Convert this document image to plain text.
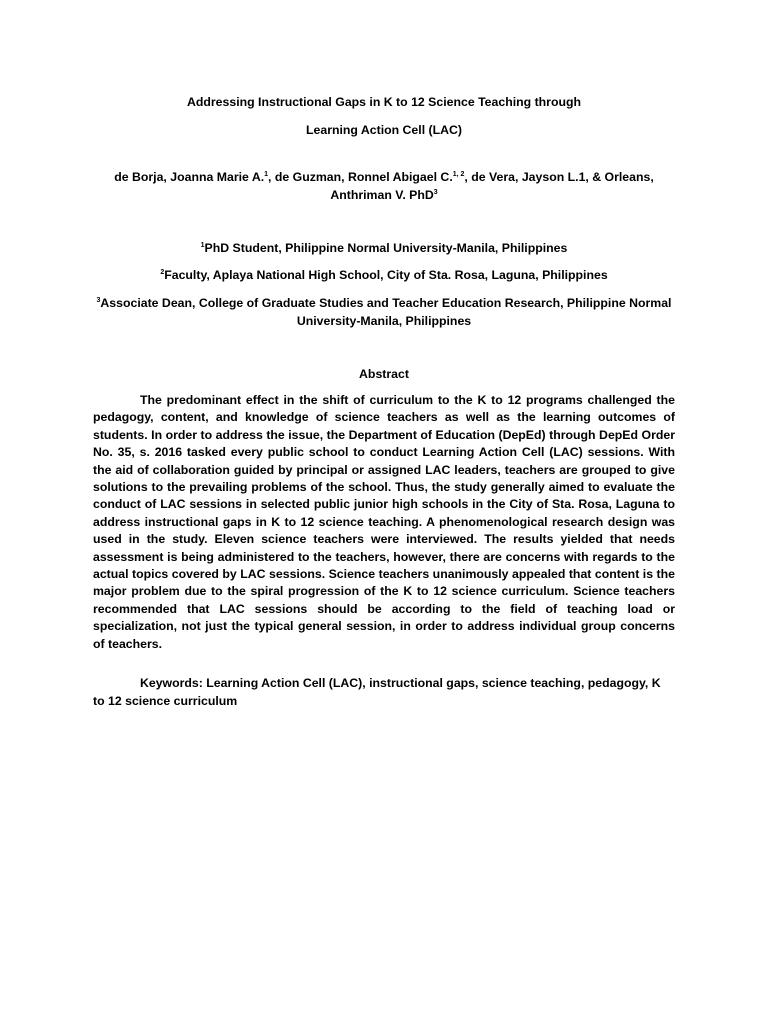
Addressing Instructional Gaps in K to 12 Science Teaching through
Learning Action Cell (LAC)

de Borja, Joanna Marie A.$^1$, de Guzman, Ronnel Abigael C.$^{1, 2}$, de Vera, Jayson L.1, & Orleans, Anthriman V. PhD$^3$

$^1$PhD Student, Philippine Normal University-Manila, Philippines

$^2$Faculty, Aplaya National High School, City of Sta. Rosa, Laguna, Philippines

$^3$Associate Dean, College of Graduate Studies and Teacher Education Research, Philippine Normal University-Manila, Philippines

Abstract

The predominant effect in the shift of curriculum to the K to 12 programs challenged the pedagogy, content, and knowledge of science teachers as well as the learning outcomes of students. In order to address the issue, the Department of Education (DepEd) through DepEd Order No. 35, s. 2016 tasked every public school to conduct Learning Action Cell (LAC) sessions. With the aid of collaboration guided by principal or assigned LAC leaders, teachers are grouped to give solutions to the prevailing problems of the school. Thus, the study generally aimed to evaluate the conduct of LAC sessions in selected public junior high schools in the City of Sta. Rosa, Laguna to address instructional gaps in K to 12 science teaching. A phenomenological research design was used in the study. Eleven science teachers were interviewed. The results yielded that needs assessment is being administered to the teachers, however, there are concerns with regards to the actual topics covered by LAC sessions. Science teachers unanimously appealed that content is the major problem due to the spiral progression of the K to 12 science curriculum. Science teachers recommended that LAC sessions should be according to the field of teaching load or specialization, not just the typical general session, in order to address individual group concerns of teachers.

Keywords: Learning Action Cell (LAC), instructional gaps, science teaching, pedagogy, K to 12 science curriculum
